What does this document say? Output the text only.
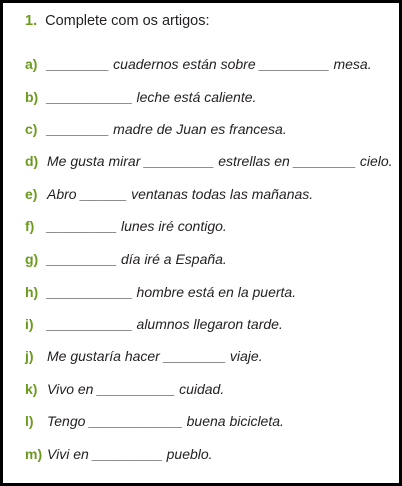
1. Complete com os artigos:
a) ________ cuadernos están sobre _________ mesa.
b) ___________ leche está caliente.
c) ________ madre de Juan es francesa.
d) Me gusta mirar _________ estrellas en ________ cielo.
e) Abro ______ ventanas todas las mañanas.
f) _________ lunes iré contigo.
g) _________ día iré a España.
h) ___________ hombre está en la puerta.
i) ___________ alumnos llegaron tarde.
j) Me gustaría hacer ________ viaje.
k) Vivo en __________ cuidad.
l) Tengo ____________ buena bicicleta.
m) Vivi en _________ pueblo.
